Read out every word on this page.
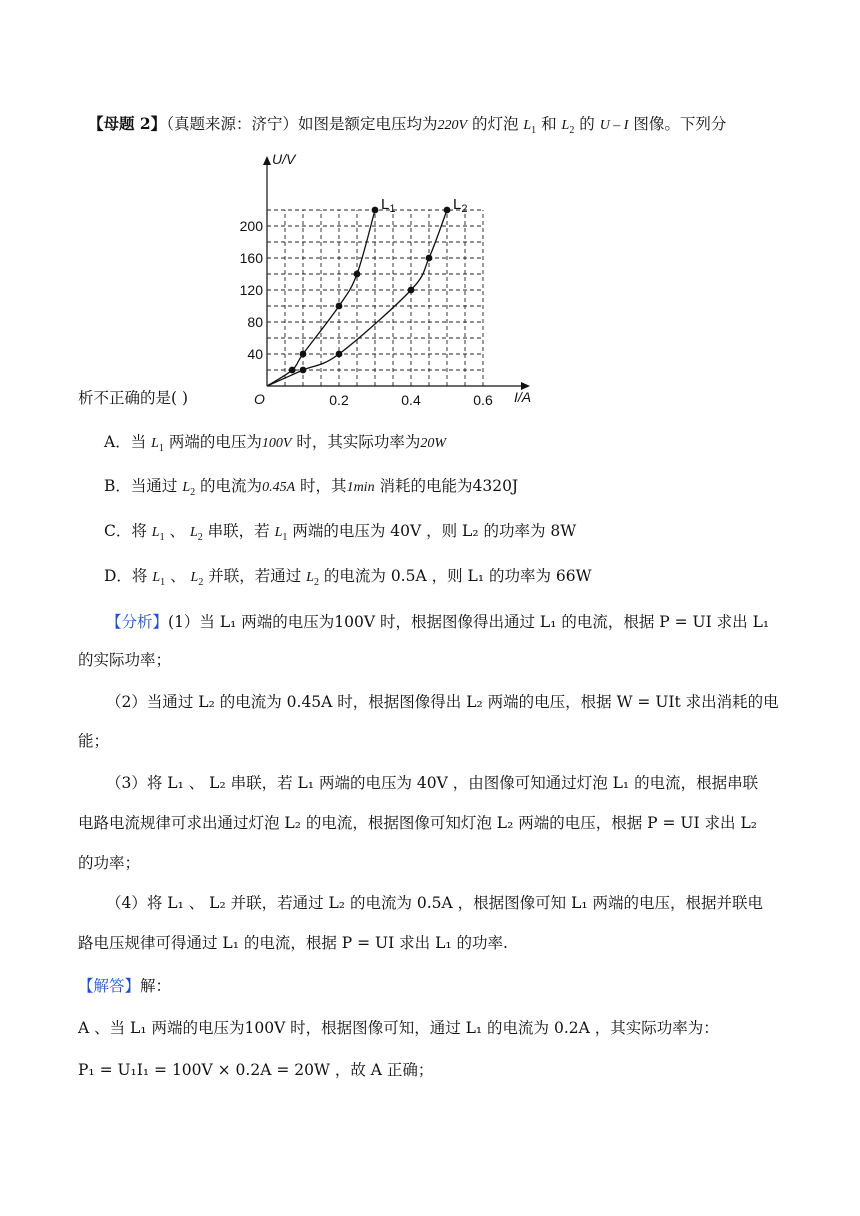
【母题 2】（真题来源：济宁）如图是额定电压均为220V 的灯泡 $L_1$ 和 $L_2$ 的 U – I 图像。下列分
U/V
I/A
O	0.2	0.4	0.6
40
80
120
160
200
$L_1$	$L_2$
析不正确的是( )
A．当 $L_1$ 两端的电压为100V 时，其实际功率为20W
B．当通过 $L_2$ 的电流为0.45A 时，其1min 消耗的电能为4320J
C．将 $L_1$ 、 $L_2$ 串联，若 $L_1$ 两端的电压为 40V ，则 L₂ 的功率为 8W
D．将 $L_1$ 、 $L_2$ 并联，若通过 $L_2$ 的电流为 0.5A ，则 L₁ 的功率为 66W
【分析】(1）当 L₁ 两端的电压为100V 时，根据图像得出通过 L₁ 的电流，根据 P = UI 求出 L₁
的实际功率；
（2）当通过 L₂ 的电流为 0.45A 时，根据图像得出 L₂ 两端的电压，根据 W = UIt 求出消耗的电
能；
（3）将 L₁ 、 L₂ 串联，若 L₁ 两端的电压为 40V ，由图像可知通过灯泡 L₁ 的电流，根据串联
电路电流规律可求出通过灯泡 L₂ 的电流，根据图像可知灯泡 L₂ 两端的电压，根据 P = UI 求出 L₂
的功率；
（4）将 L₁ 、 L₂ 并联，若通过 L₂ 的电流为 0.5A ，根据图像可知 L₁ 两端的电压，根据并联电
路电压规律可得通过 L₁ 的电流，根据 P = UI 求出 L₁ 的功率.
【解答】解：
A 、当 L₁ 两端的电压为100V 时，根据图像可知，通过 L₁ 的电流为 0.2A ，其实际功率为：
P₁ = U₁I₁ = 100V × 0.2A = 20W ，故 A 正确；
